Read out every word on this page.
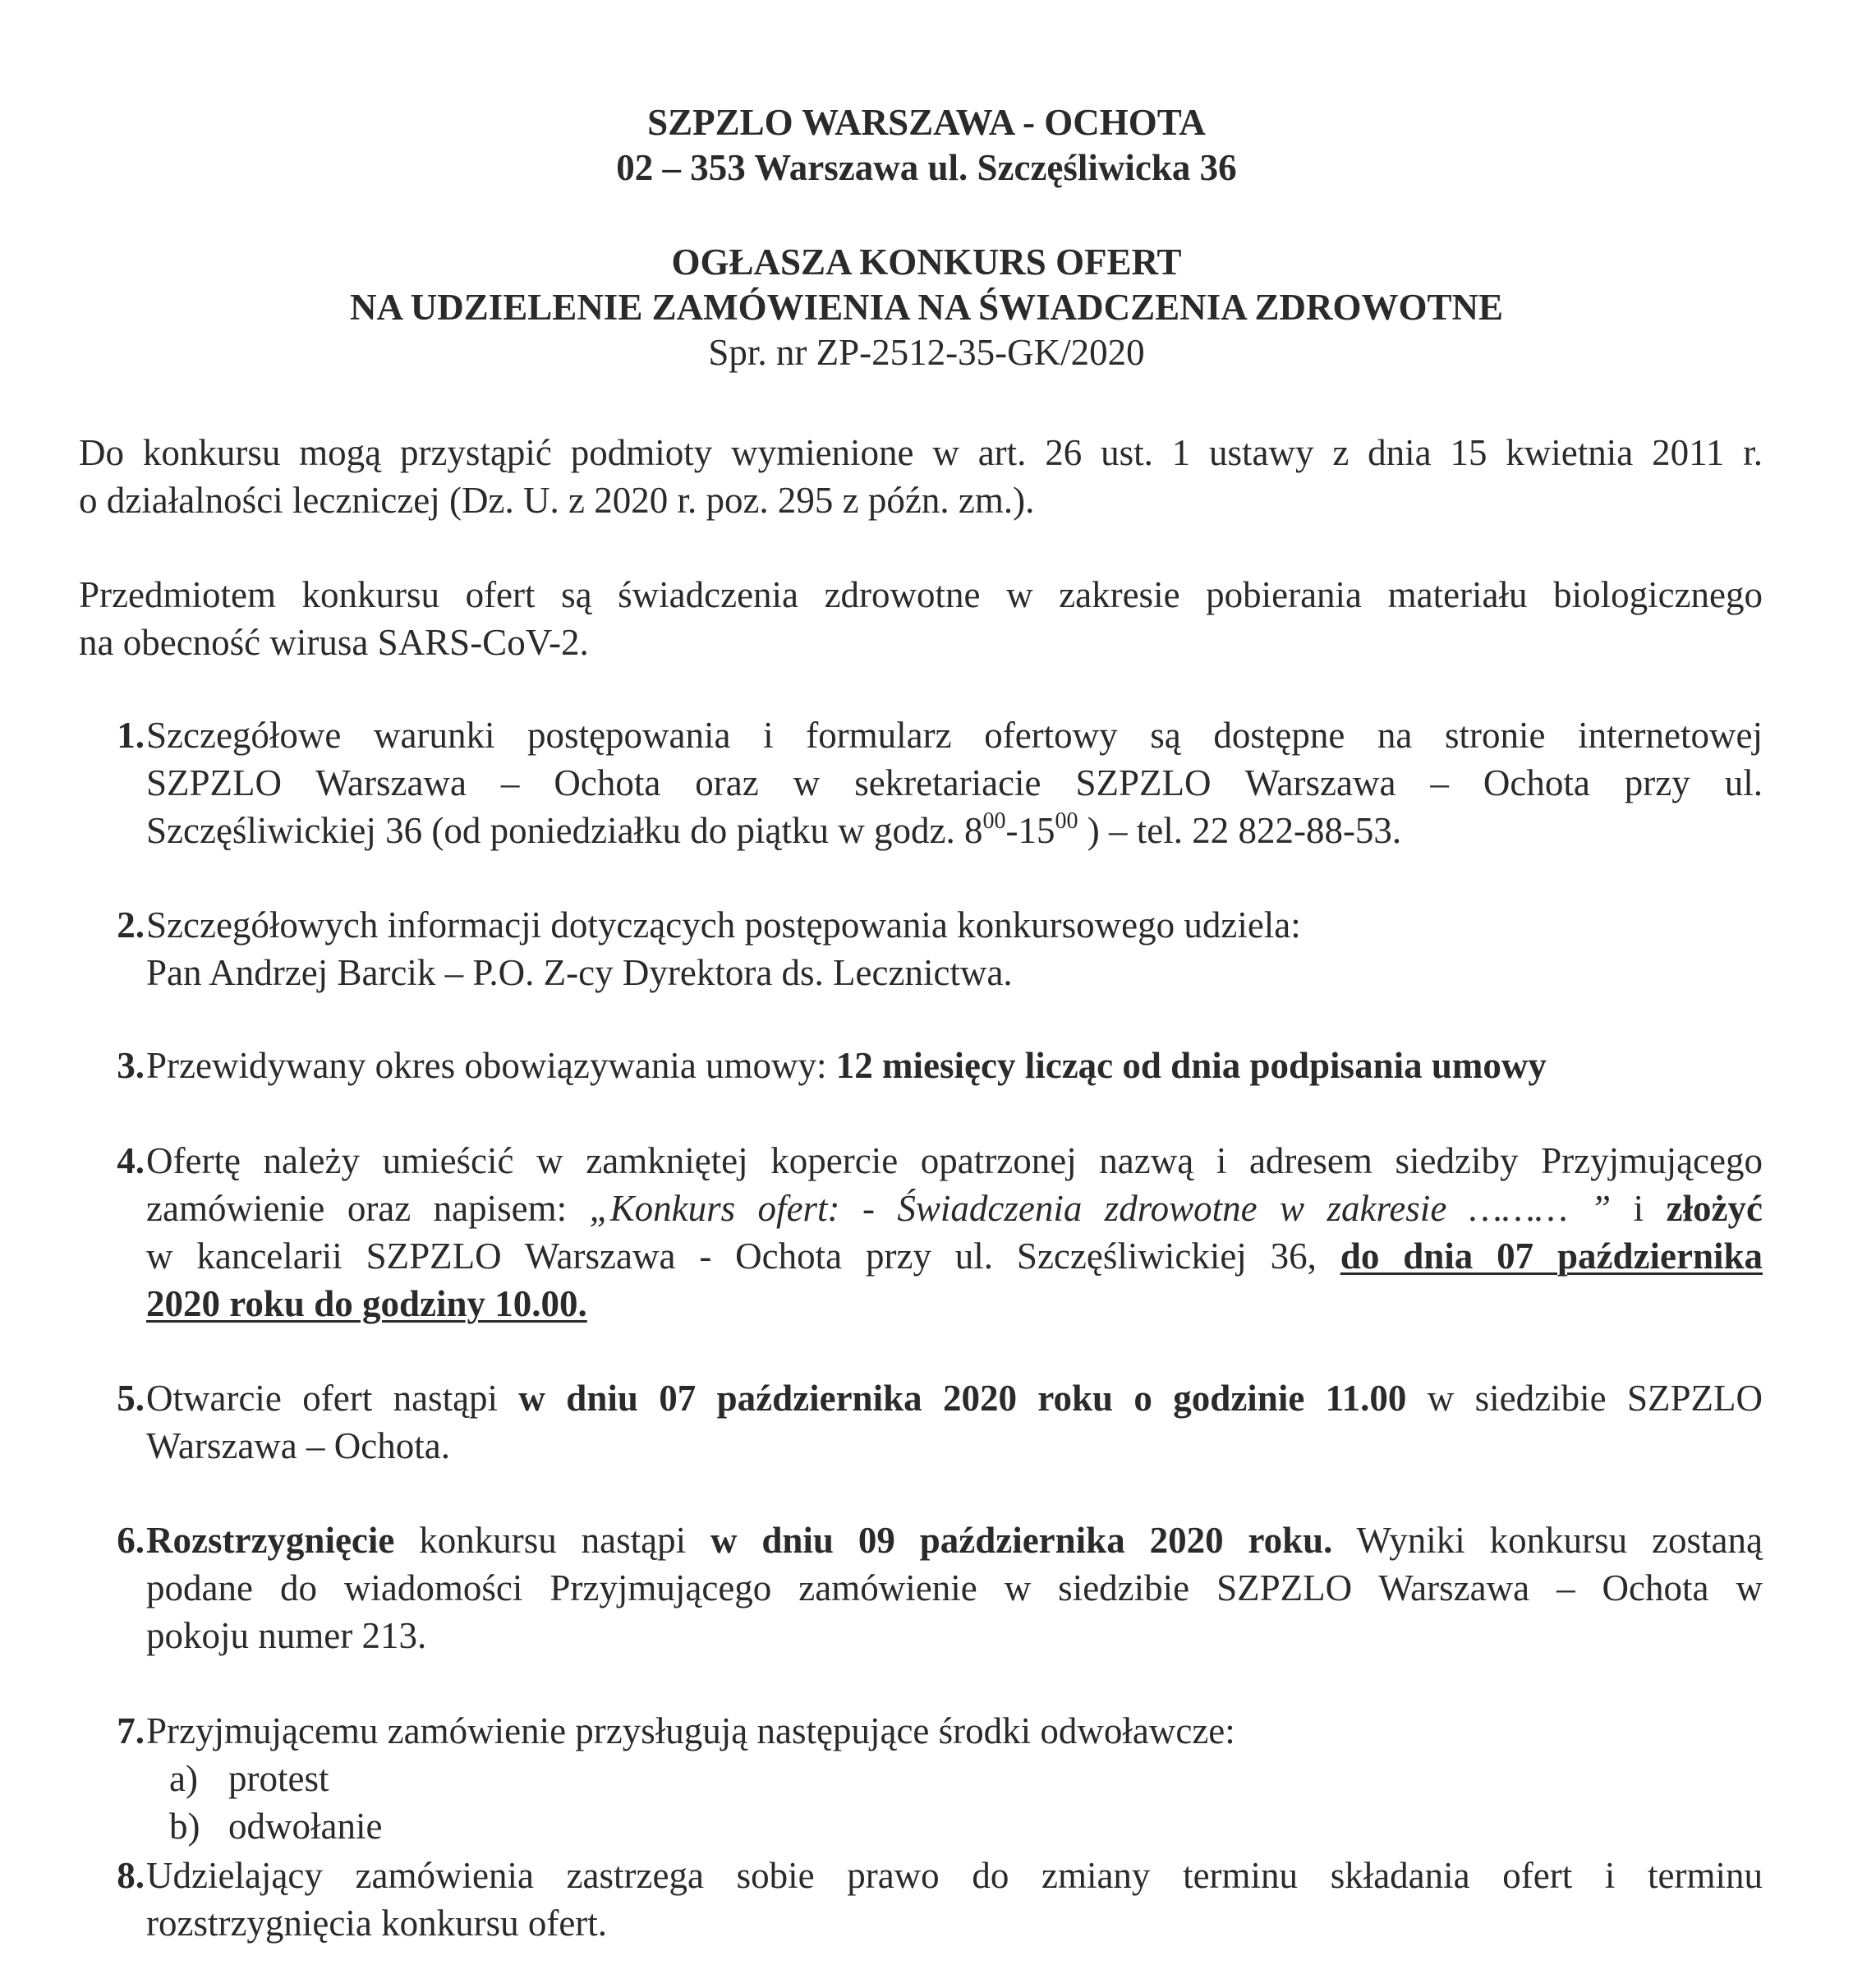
SZPZLO WARSZAWA - OCHOTA
02 – 353 Warszawa ul. Szczęśliwicka 36
OGŁASZA KONKURS OFERT
NA UDZIELENIE ZAMÓWIENIA NA ŚWIADCZENIA ZDROWOTNE
Spr. nr ZP-2512-35-GK/2020
Do konkursu mogą przystąpić podmioty wymienione w art. 26 ust. 1 ustawy z dnia 15 kwietnia 2011 r.
o działalności leczniczej (Dz. U. z 2020 r. poz. 295 z późn. zm.).
Przedmiotem konkursu ofert są świadczenia zdrowotne w zakresie pobierania materiału biologicznego
na obecność wirusa SARS-CoV-2.
1. Szczegółowe warunki postępowania i formularz ofertowy są dostępne na stronie internetowej
SZPZLO Warszawa – Ochota oraz w sekretariacie SZPZLO Warszawa – Ochota przy ul.
Szczęśliwickiej 36 (od poniedziałku do piątku w godz. $8^{00}-15^{00}$ ) – tel. 22 822-88-53.
2. Szczegółowych informacji dotyczących postępowania konkursowego udziela:
Pan Andrzej Barcik – P.O. Z-cy Dyrektora ds. Lecznictwa.
3. Przewidywany okres obowiązywania umowy: 12 miesięcy licząc od dnia podpisania umowy
4. Ofertę należy umieścić w zamkniętej kopercie opatrzonej nazwą i adresem siedziby Przyjmującego
zamówienie oraz napisem: „Konkurs ofert: - Świadczenia zdrowotne w zakresie ……… ” i złożyć
w kancelarii SZPZLO Warszawa - Ochota przy ul. Szczęśliwickiej 36, do dnia 07 października
2020 roku do godziny 10.00.
5. Otwarcie ofert nastąpi w dniu 07 października 2020 roku o godzinie 11.00 w siedzibie SZPZLO
Warszawa – Ochota.
6. Rozstrzygnięcie konkursu nastąpi w dniu 09 października 2020 roku. Wyniki konkursu zostaną
podane do wiadomości Przyjmującego zamówienie w siedzibie SZPZLO Warszawa – Ochota w
pokoju numer 213.
7. Przyjmującemu zamówienie przysługują następujące środki odwoławcze:
a) protest
b) odwołanie
8. Udzielający zamówienia zastrzega sobie prawo do zmiany terminu składania ofert i terminu
rozstrzygnięcia konkursu ofert.
